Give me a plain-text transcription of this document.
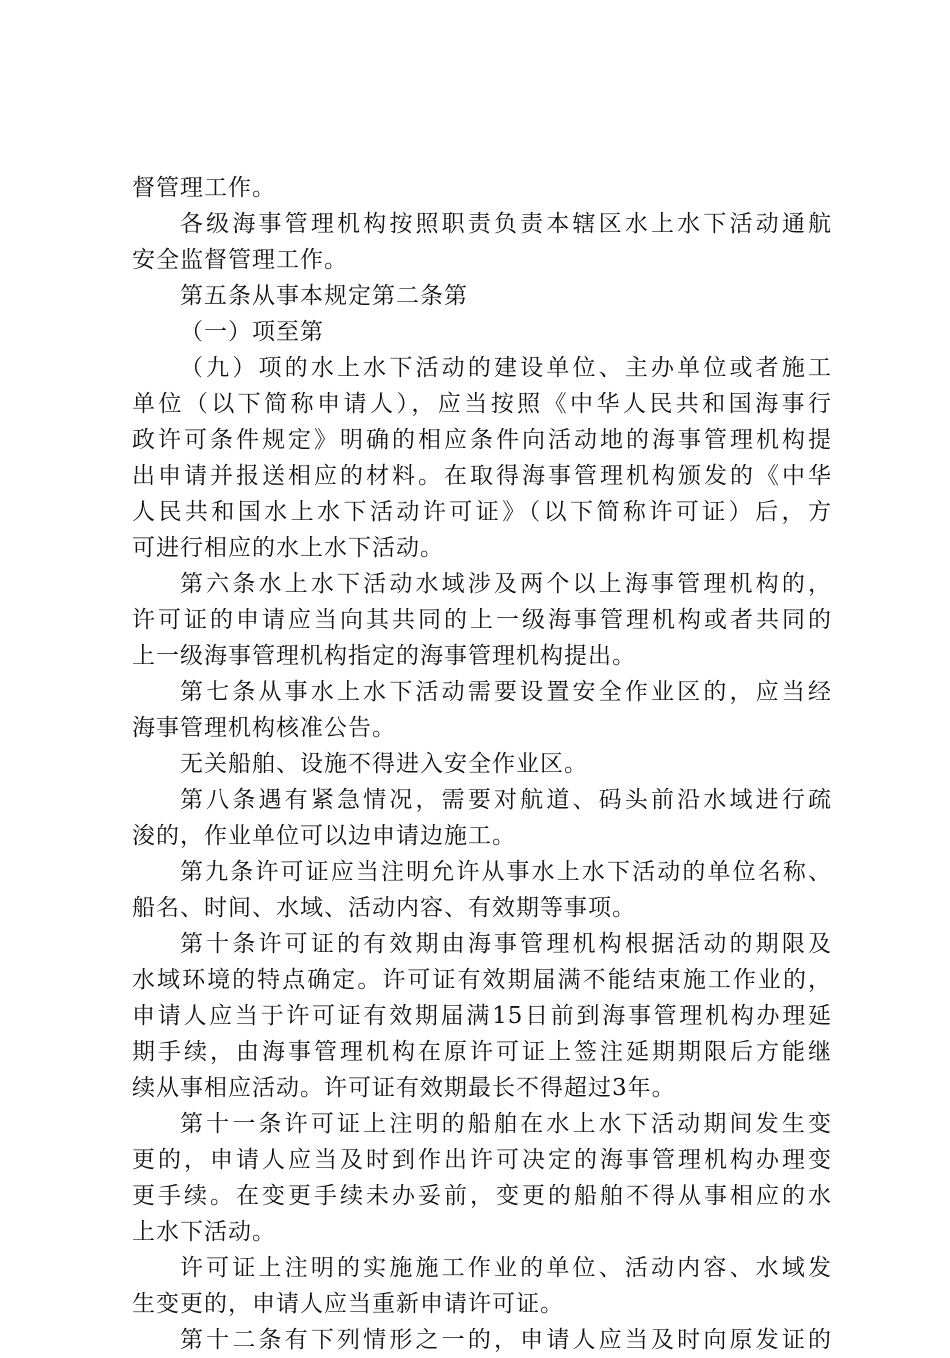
督管理工作。
各级海事管理机构按照职责负责本辖区水上水下活动通航
安全监督管理工作。
第五条从事本规定第二条第
（一）项至第
（九）项的水上水下活动的建设单位、主办单位或者施工
单位（以下简称申请人），应当按照《中华人民共和国海事行
政许可条件规定》明确的相应条件向活动地的海事管理机构提
出申请并报送相应的材料。在取得海事管理机构颁发的《中华
人民共和国水上水下活动许可证》（以下简称许可证）后，方
可进行相应的水上水下活动。
第六条水上水下活动水域涉及两个以上海事管理机构的，
许可证的申请应当向其共同的上一级海事管理机构或者共同的
上一级海事管理机构指定的海事管理机构提出。
第七条从事水上水下活动需要设置安全作业区的，应当经
海事管理机构核准公告。
无关船舶、设施不得进入安全作业区。
第八条遇有紧急情况，需要对航道、码头前沿水域进行疏
浚的，作业单位可以边申请边施工。
第九条许可证应当注明允许从事水上水下活动的单位名称、
船名、时间、水域、活动内容、有效期等事项。
第十条许可证的有效期由海事管理机构根据活动的期限及
水域环境的特点确定。许可证有效期届满不能结束施工作业的，
申请人应当于许可证有效期届满15日前到海事管理机构办理延
期手续，由海事管理机构在原许可证上签注延期期限后方能继
续从事相应活动。许可证有效期最长不得超过3年。
第十一条许可证上注明的船舶在水上水下活动期间发生变
更的，申请人应当及时到作出许可决定的海事管理机构办理变
更手续。在变更手续未办妥前，变更的船舶不得从事相应的水
上水下活动。
许可证上注明的实施施工作业的单位、活动内容、水域发
生变更的，申请人应当重新申请许可证。
第十二条有下列情形之一的，申请人应当及时向原发证的
